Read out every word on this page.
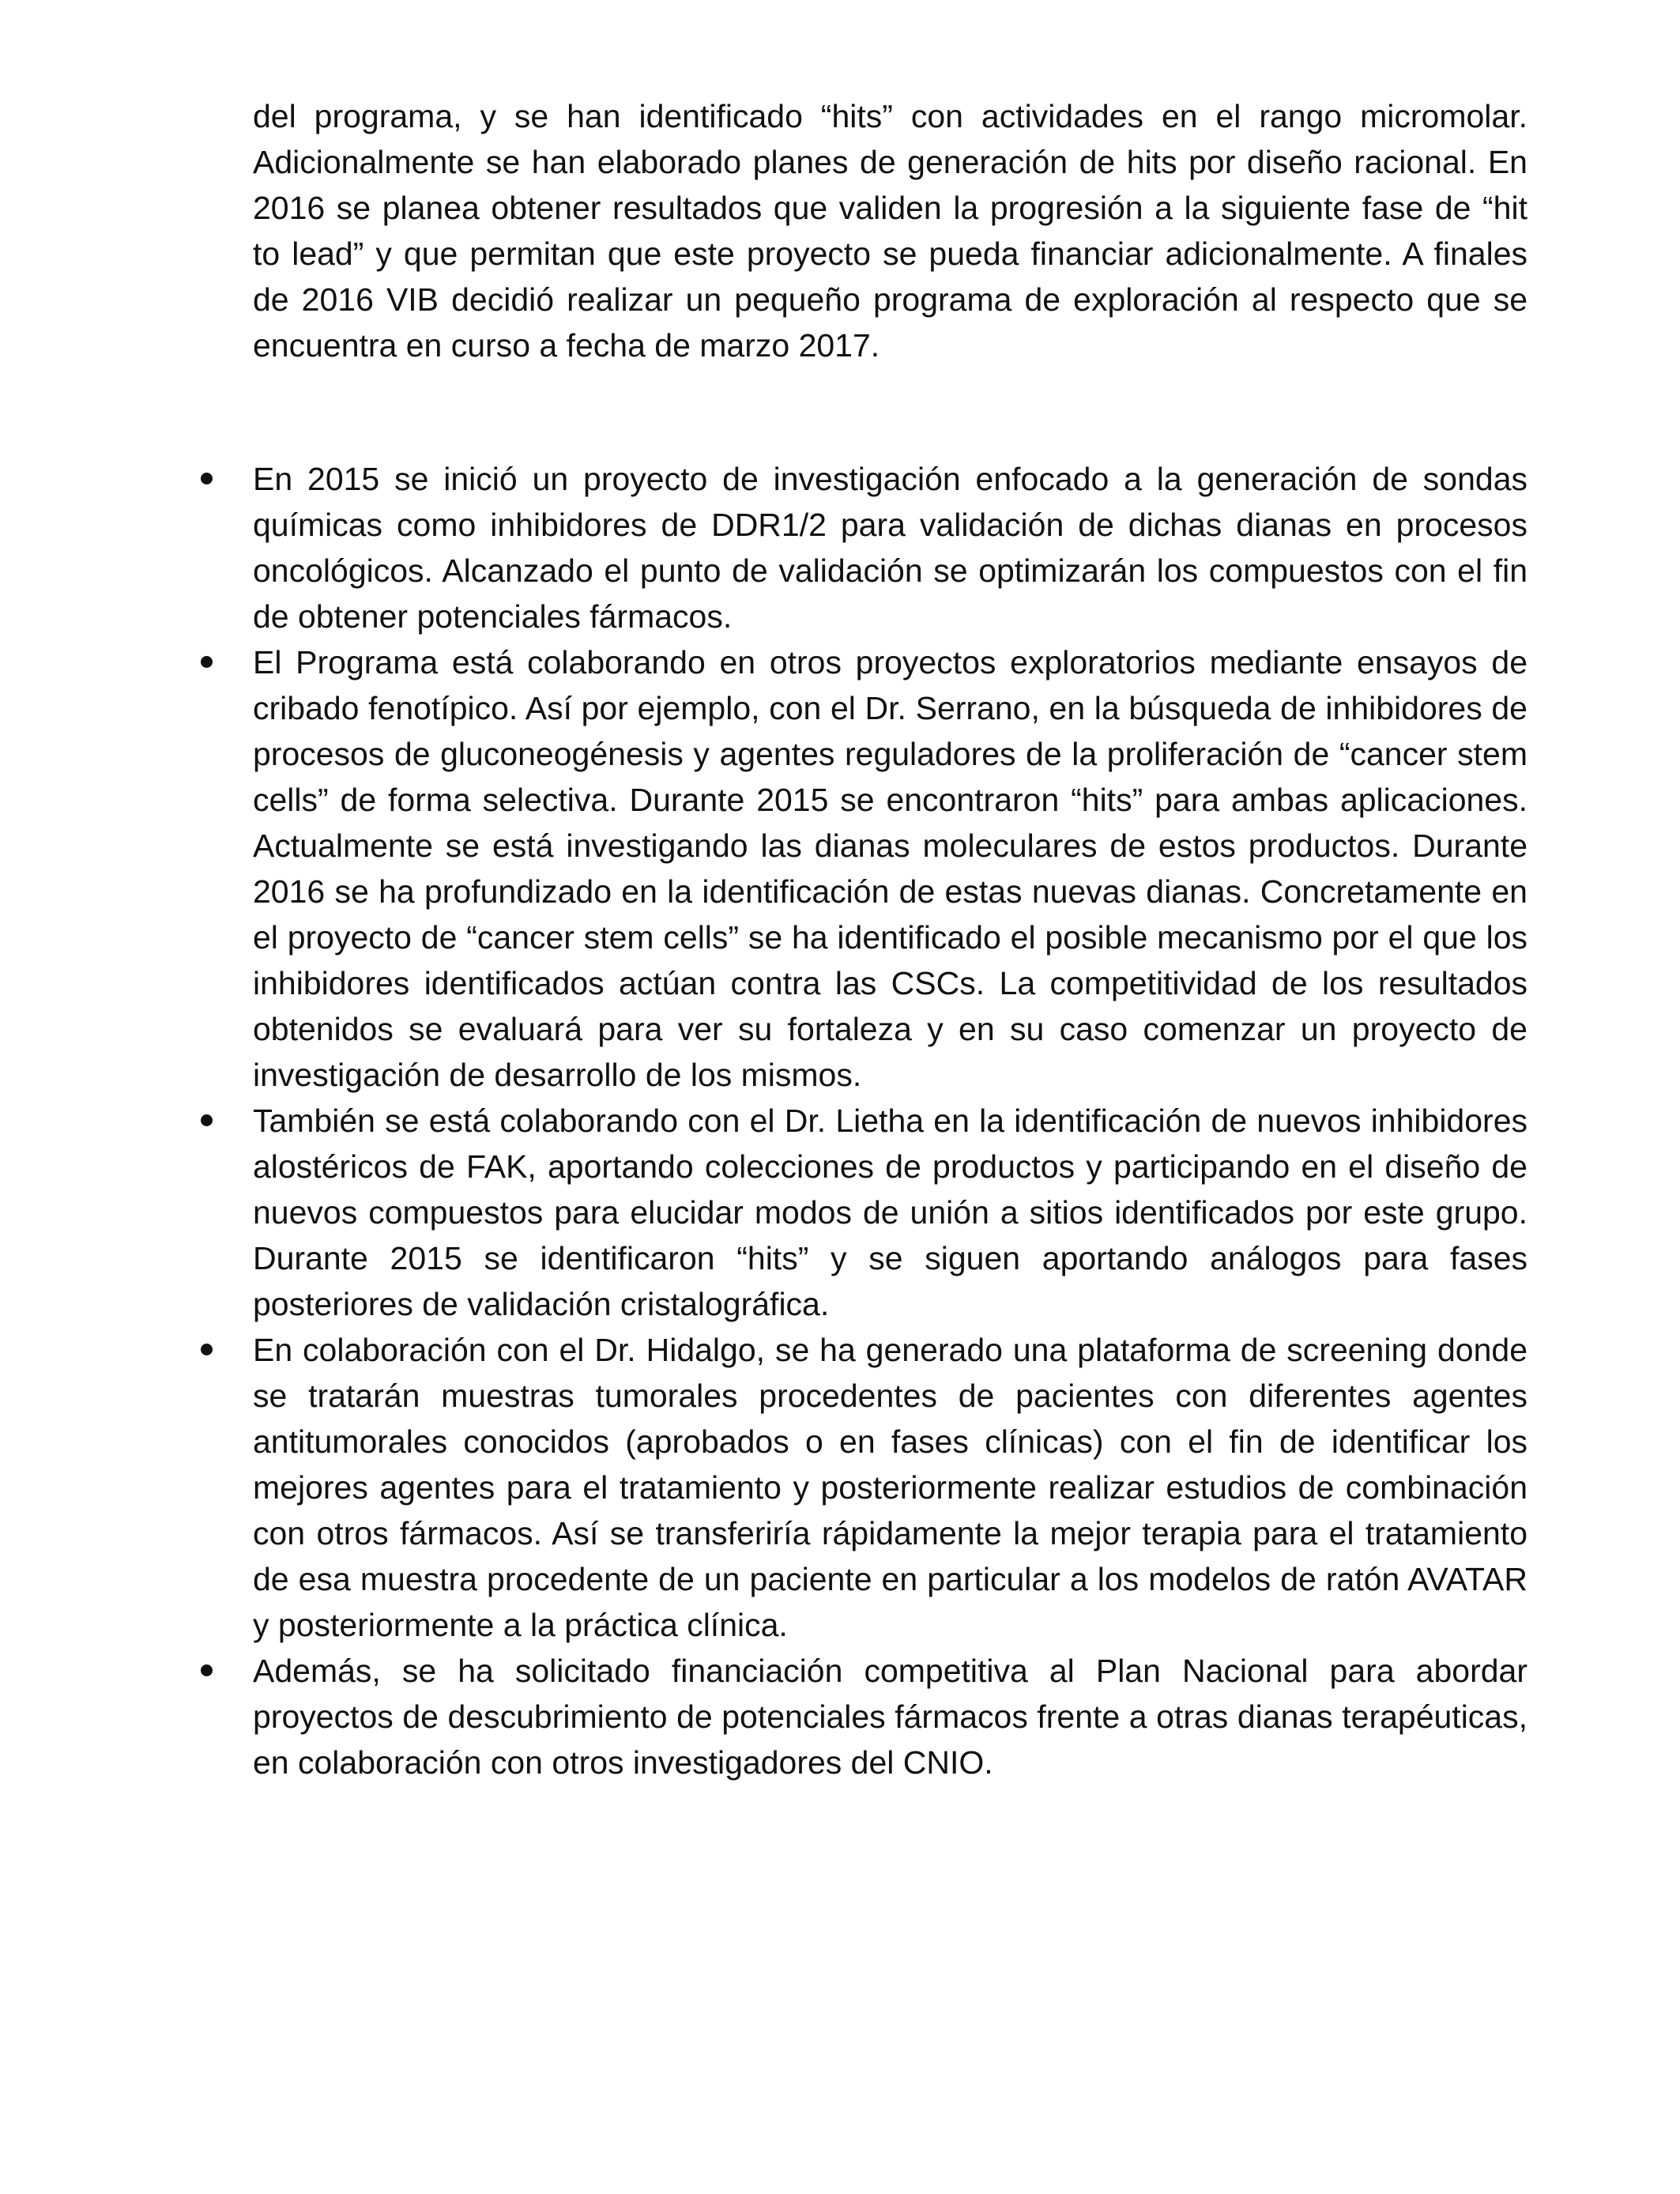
del programa, y se han identificado “hits” con actividades en el rango micromolar. Adicionalmente se han elaborado planes de generación de hits por diseño racional. En 2016 se planea obtener resultados que validen la progresión a la siguiente fase de “hit to lead” y que permitan que este proyecto se pueda financiar adicionalmente. A finales de 2016 VIB decidió realizar un pequeño programa de exploración al respecto que se encuentra en curso a fecha de marzo 2017.

En 2015 se inició un proyecto de investigación enfocado a la generación de sondas químicas como inhibidores de DDR1/2 para validación de dichas dianas en procesos oncológicos. Alcanzado el punto de validación se optimizarán los compuestos con el fin de obtener potenciales fármacos.
El Programa está colaborando en otros proyectos exploratorios mediante ensayos de cribado fenotípico. Así por ejemplo, con el Dr. Serrano, en la búsqueda de inhibidores de procesos de gluconeogénesis y agentes reguladores de la proliferación de “cancer stem cells” de forma selectiva. Durante 2015 se encontraron “hits” para ambas aplicaciones. Actualmente se está investigando las dianas moleculares de estos productos. Durante 2016 se ha profundizado en la identificación de estas nuevas dianas. Concretamente en el proyecto de “cancer stem cells” se ha identificado el posible mecanismo por el que los inhibidores identificados actúan contra las CSCs. La competitividad de los resultados obtenidos se evaluará para ver su fortaleza y en su caso comenzar un proyecto de investigación de desarrollo de los mismos.
También se está colaborando con el Dr. Lietha en la identificación de nuevos inhibidores alostéricos de FAK, aportando colecciones de productos y participando en el diseño de nuevos compuestos para elucidar modos de unión a sitios identificados por este grupo. Durante 2015 se identificaron “hits” y se siguen aportando análogos para fases posteriores de validación cristalográfica.
En colaboración con el Dr. Hidalgo, se ha generado una plataforma de screening donde se tratarán muestras tumorales procedentes de pacientes con diferentes agentes antitumorales conocidos (aprobados o en fases clínicas) con el fin de identificar los mejores agentes para el tratamiento y posteriormente realizar estudios de combinación con otros fármacos. Así se transferiría rápidamente la mejor terapia para el tratamiento de esa muestra procedente de un paciente en particular a los modelos de ratón AVATAR y posteriormente a la práctica clínica.
Además, se ha solicitado financiación competitiva al Plan Nacional para abordar proyectos de descubrimiento de potenciales fármacos frente a otras dianas terapéuticas, en colaboración con otros investigadores del CNIO.
